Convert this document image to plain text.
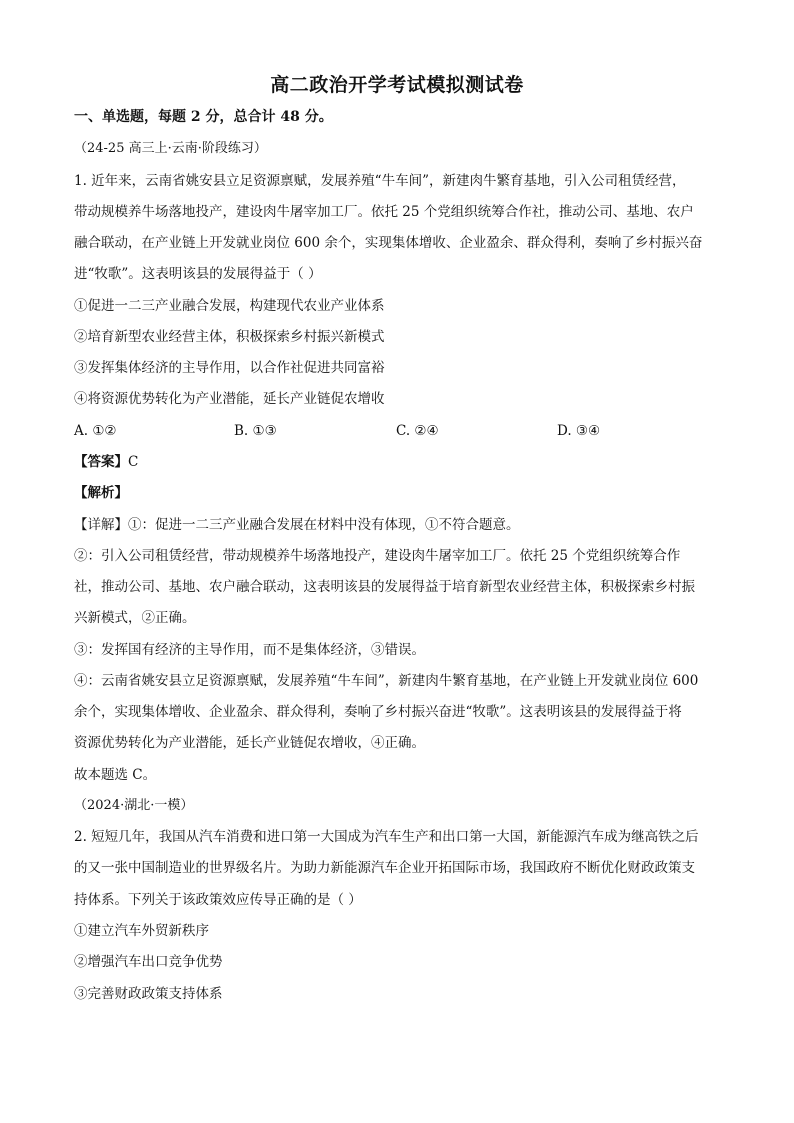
高二政治开学考试模拟测试卷
一、单选题，每题 2 分，总合计 48 分。
（24-25 高三上·云南·阶段练习）
1. 近年来，云南省姚安县立足资源禀赋，发展养殖“牛车间”，新建肉牛繁育基地，引入公司租赁经营，
带动规模养牛场落地投产，建设肉牛屠宰加工厂。依托 25 个党组织统筹合作社，推动公司、基地、农户
融合联动，在产业链上开发就业岗位 600 余个，实现集体增收、企业盈余、群众得利，奏响了乡村振兴奋
进“牧歌”。这表明该县的发展得益于（ ）
①促进一二三产业融合发展，构建现代农业产业体系
②培育新型农业经营主体，积极探索乡村振兴新模式
③发挥集体经济的主导作用，以合作社促进共同富裕
④将资源优势转化为产业潜能，延长产业链促农增收
A. ①②	B. ①③	C. ②④	D. ③④
【答案】C
【解析】
【详解】①：促进一二三产业融合发展在材料中没有体现，①不符合题意。
②：引入公司租赁经营，带动规模养牛场落地投产，建设肉牛屠宰加工厂。依托 25 个党组织统筹合作
社，推动公司、基地、农户融合联动，这表明该县的发展得益于培育新型农业经营主体，积极探索乡村振
兴新模式，②正确。
③：发挥国有经济的主导作用，而不是集体经济，③错误。
④：云南省姚安县立足资源禀赋，发展养殖“牛车间”，新建肉牛繁育基地，在产业链上开发就业岗位 600
余个，实现集体增收、企业盈余、群众得利，奏响了乡村振兴奋进“牧歌”。这表明该县的发展得益于将
资源优势转化为产业潜能，延长产业链促农增收，④正确。
故本题选 C。
（2024·湖北·一模）
2. 短短几年，我国从汽车消费和进口第一大国成为汽车生产和出口第一大国，新能源汽车成为继高铁之后
的又一张中国制造业的世界级名片。为助力新能源汽车企业开拓国际市场，我国政府不断优化财政政策支
持体系。下列关于该政策效应传导正确的是（ ）
①建立汽车外贸新秩序
②增强汽车出口竞争优势
③完善财政政策支持体系
